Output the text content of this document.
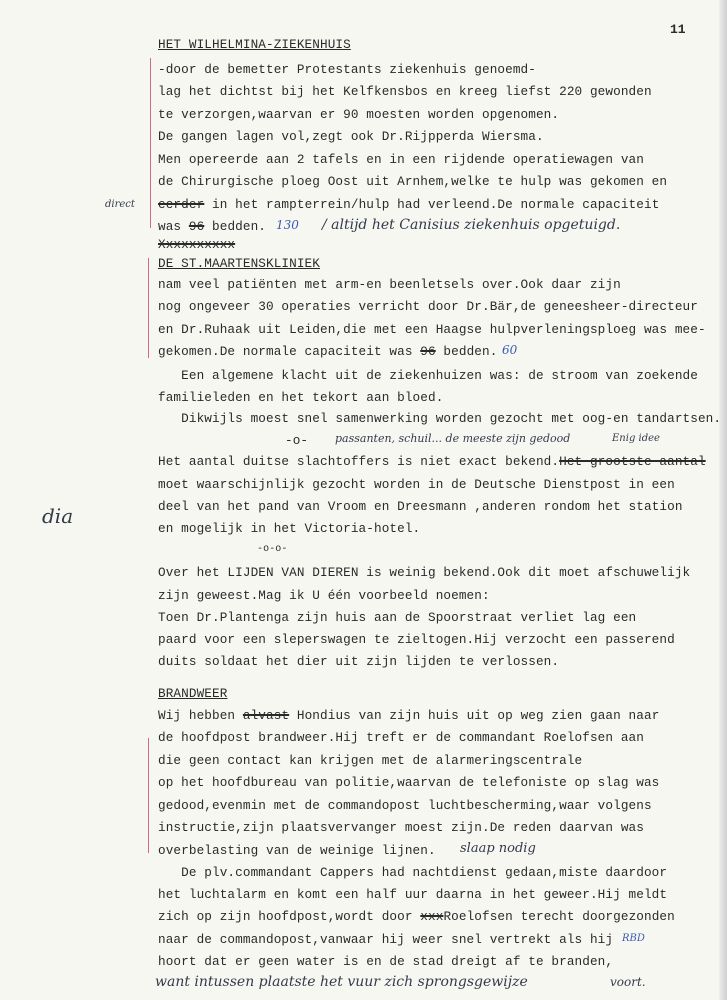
11
HET WILHELMINA-ZIEKENHUIS
-door de bemetter Protestants ziekenhuis genoemd-
lag het dichtst bij het Kelfkensbos en kreeg liefst 220 gewonden
te verzorgen,waarvan er 90 moesten worden opgenomen.
De gangen lagen vol,zegt ook Dr.Rijpperda Wiersma.
Men opereerde aan 2 tafels en in een rijdende operatiewagen van
de Chirurgische ploeg Oost uit Arnhem,welke te hulp was gekomen en
eerder in het rampterrein/hulp had verleend.De normale capaciteit
was 96 bedden.
direct
130 / altijd het Canisius ziekenhuis opgetuigd.
Xxxxxxxxxx
DE ST.MAARTENSKLINIEK
nam veel patiënten met arm-en beenletsels over.Ook daar zijn
nog ongeveer 30 operaties verricht door Dr.Bär,de geneesheer-directeur
en Dr.Ruhaak uit Leiden,die met een Haagse hulpverleningsploeg was mee-
gekomen.De normale capaciteit was 96 bedden. 60
Een algemene klacht uit de ziekenhuizen was: de stroom van zoekende
familieleden en het tekort aan bloed.
Dikwijls moest snel samenwerking worden gezocht met oog-en tandartsen.
-o- passanten, schuil... de meeste zijn gedood	Enig idee
Het aantal duitse slachtoffers is niet exact bekend.Het grootste aantal
moet waarschijnlijk gezocht worden in de Deutsche Dienstpost in een
deel van het pand van Vroom en Dreesmann ,anderen rondom het station
en mogelijk in het Victoria-hotel.
-o-o-
dia
Over het LIJDEN VAN DIEREN is weinig bekend.Ook dit moet afschuwelijk
zijn geweest.Mag ik U één voorbeeld noemen:
Toen Dr.Plantenga zijn huis aan de Spoorstraat verliet lag een
paard voor een sleperswagen te zieltogen.Hij verzocht een passerend
duits soldaat het dier uit zijn lijden te verlossen.
BRANDWEER
Wij hebben alvast Hondius van zijn huis uit op weg zien gaan naar
de hoofdpost brandweer.Hij treft er de commandant Roelofsen aan
die geen contact kan krijgen met de alarmeringscentrale
op het hoofdbureau van politie,waarvan de telefoniste op slag was
gedood,evenmin met de commandopost luchtbescherming,waar volgens
instructie,zijn plaatsvervanger moest zijn.De reden daarvan was
overbelasting van de weinige lijnen.
De plv.commandant Cappers had nachtdienst gedaan,miste daardoor
het luchtalarm en komt een half uur daarna in het geweer.Hij meldt
zich op zijn hoofdpost,wordt door xxxRoelofsen terecht doorgezonden
naar de commandopost,vanwaar hij weer snel vertrekt als hij
hoort dat er geen water is en de stad dreigt af te branden,
slaap nodig
RBD
want intussen plaatste het vuur zich sprongsgewijze	voort.
